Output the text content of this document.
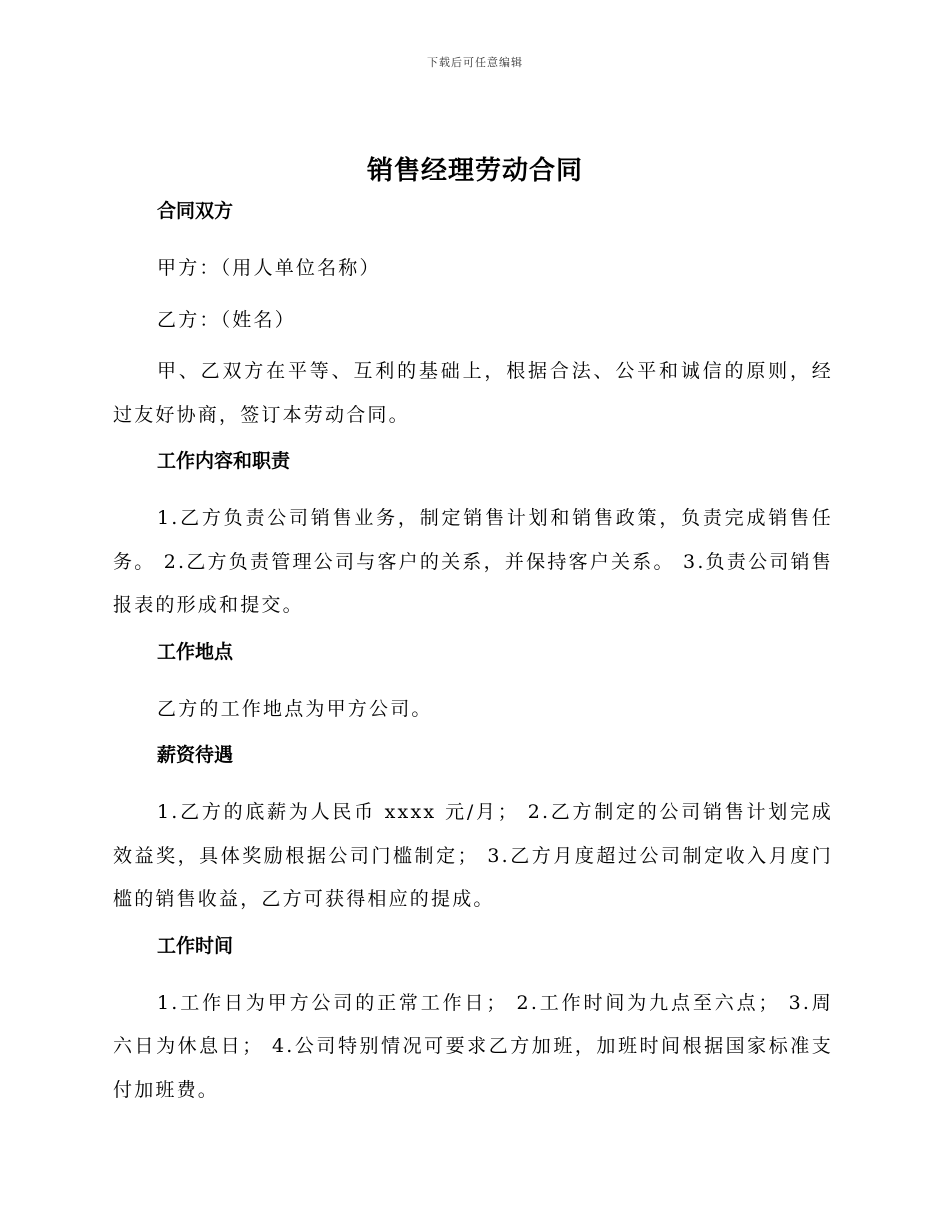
下载后可任意编辑
销售经理劳动合同
合同双方
甲方：（用人单位名称）
乙方：（姓名）
甲、乙双方在平等、互利的基础上，根据合法、公平和诚信的原则，经过友好协商，签订本劳动合同。
工作内容和职责
1.乙方负责公司销售业务，制定销售计划和销售政策，负责完成销售任务。 2.乙方负责管理公司与客户的关系，并保持客户关系。 3.负责公司销售报表的形成和提交。
工作地点
乙方的工作地点为甲方公司。
薪资待遇
1.乙方的底薪为人民币 xxxx 元/月； 2.乙方制定的公司销售计划完成效益奖，具体奖励根据公司门槛制定； 3.乙方月度超过公司制定收入月度门槛的销售收益，乙方可获得相应的提成。
工作时间
1.工作日为甲方公司的正常工作日； 2.工作时间为九点至六点； 3.周六日为休息日； 4.公司特别情况可要求乙方加班，加班时间根据国家标准支付加班费。
